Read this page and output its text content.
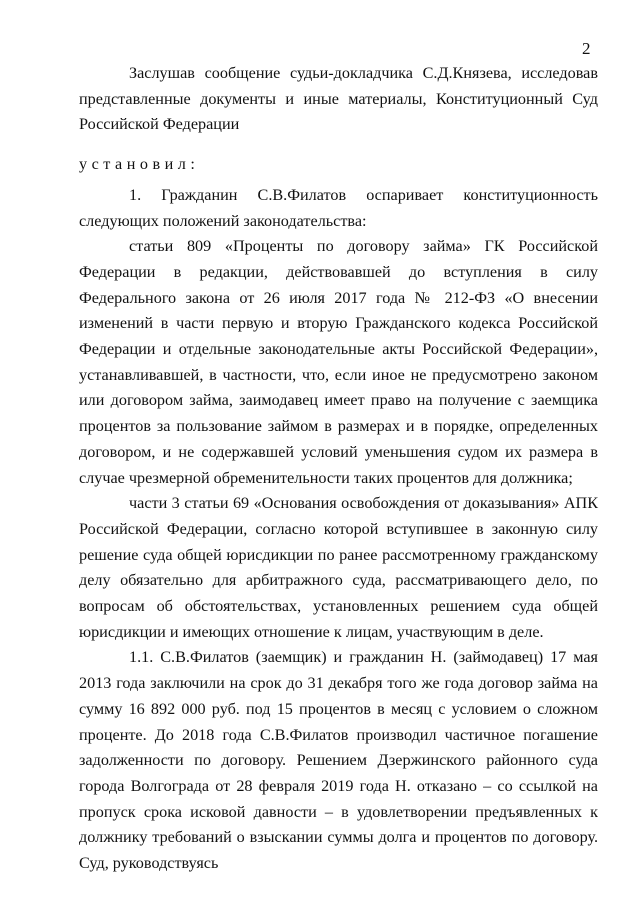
2

Заслушав сообщение судьи-докладчика С.Д.Князева, исследовав представленные документы и иные материалы, Конституционный Суд Российской Федерации

установил:

1. Гражданин С.В.Филатов оспаривает конституционность следующих положений законодательства:

статьи 809 «Проценты по договору займа» ГК Российской Федерации в редакции, действовавшей до вступления в силу Федерального закона от 26 июля 2017 года № 212-ФЗ «О внесении изменений в части первую и вторую Гражданского кодекса Российской Федерации и отдельные законодательные акты Российской Федерации», устанавливавшей, в частности, что, если иное не предусмотрено законом или договором займа, заимодавец имеет право на получение с заемщика процентов за пользование займом в размерах и в порядке, определенных договором, и не содержавшей условий уменьшения судом их размера в случае чрезмерной обременительности таких процентов для должника;

части 3 статьи 69 «Основания освобождения от доказывания» АПК Российской Федерации, согласно которой вступившее в законную силу решение суда общей юрисдикции по ранее рассмотренному гражданскому делу обязательно для арбитражного суда, рассматривающего дело, по вопросам об обстоятельствах, установленных решением суда общей юрисдикции и имеющих отношение к лицам, участвующим в деле.

1.1. С.В.Филатов (заемщик) и гражданин Н. (займодавец) 17 мая 2013 года заключили на срок до 31 декабря того же года договор займа на сумму 16 892 000 руб. под 15 процентов в месяц с условием о сложном проценте. До 2018 года С.В.Филатов производил частичное погашение задолженности по договору. Решением Дзержинского районного суда города Волгограда от 28 февраля 2019 года Н. отказано – со ссылкой на пропуск срока исковой давности – в удовлетворении предъявленных к должнику требований о взыскании суммы долга и процентов по договору. Суд, руководствуясь
